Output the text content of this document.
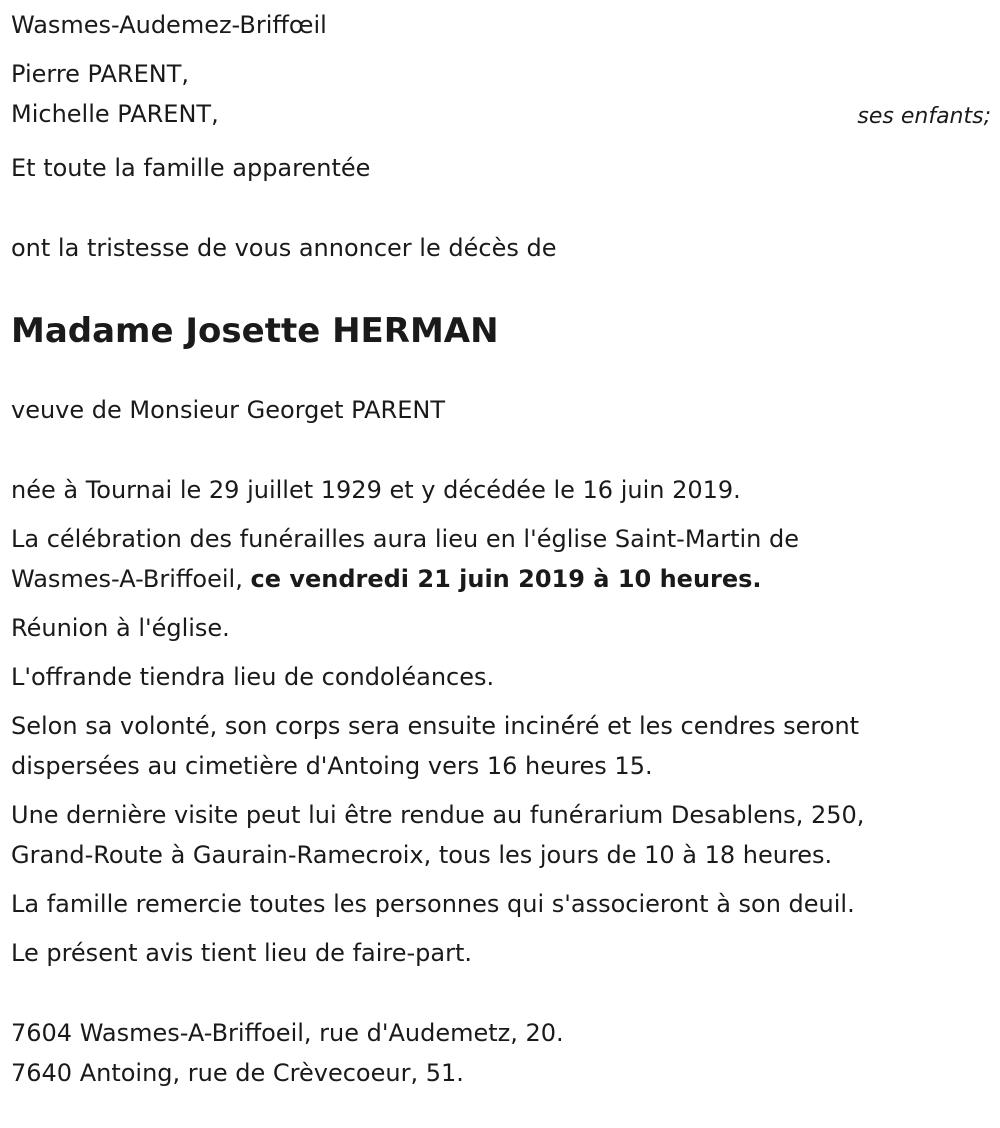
Wasmes-Audemez-Briffœil
Pierre PARENT,
Michelle PARENT,	ses enfants;
Et toute la famille apparentée
ont la tristesse de vous annoncer le décès de
Madame Josette HERMAN
veuve de Monsieur Georget PARENT
née à Tournai le 29 juillet 1929 et y décédée le 16 juin 2019.
La célébration des funérailles aura lieu en l'église Saint-Martin de
Wasmes-A-Briffoeil, ce vendredi 21 juin 2019 à 10 heures.
Réunion à l'église.
L'offrande tiendra lieu de condoléances.
Selon sa volonté, son corps sera ensuite inciné́ré et les cendres seront
dispersées au cimetière d'Antoing vers 16 heures 15.
Une dernière visite peut lui être rendue au funérarium Desablens, 250,
Grand-Route à Gaurain-Ramecroix, tous les jours de 10 à 18 heures.
La famille remercie toutes les personnes qui s'associeront à son deuil.
Le présent avis tient lieu de faire-part.
7604 Wasmes-A-Briffoeil, rue d'Audemetz, 20.
7640 Antoing, rue de Crèvecoeur, 51.
